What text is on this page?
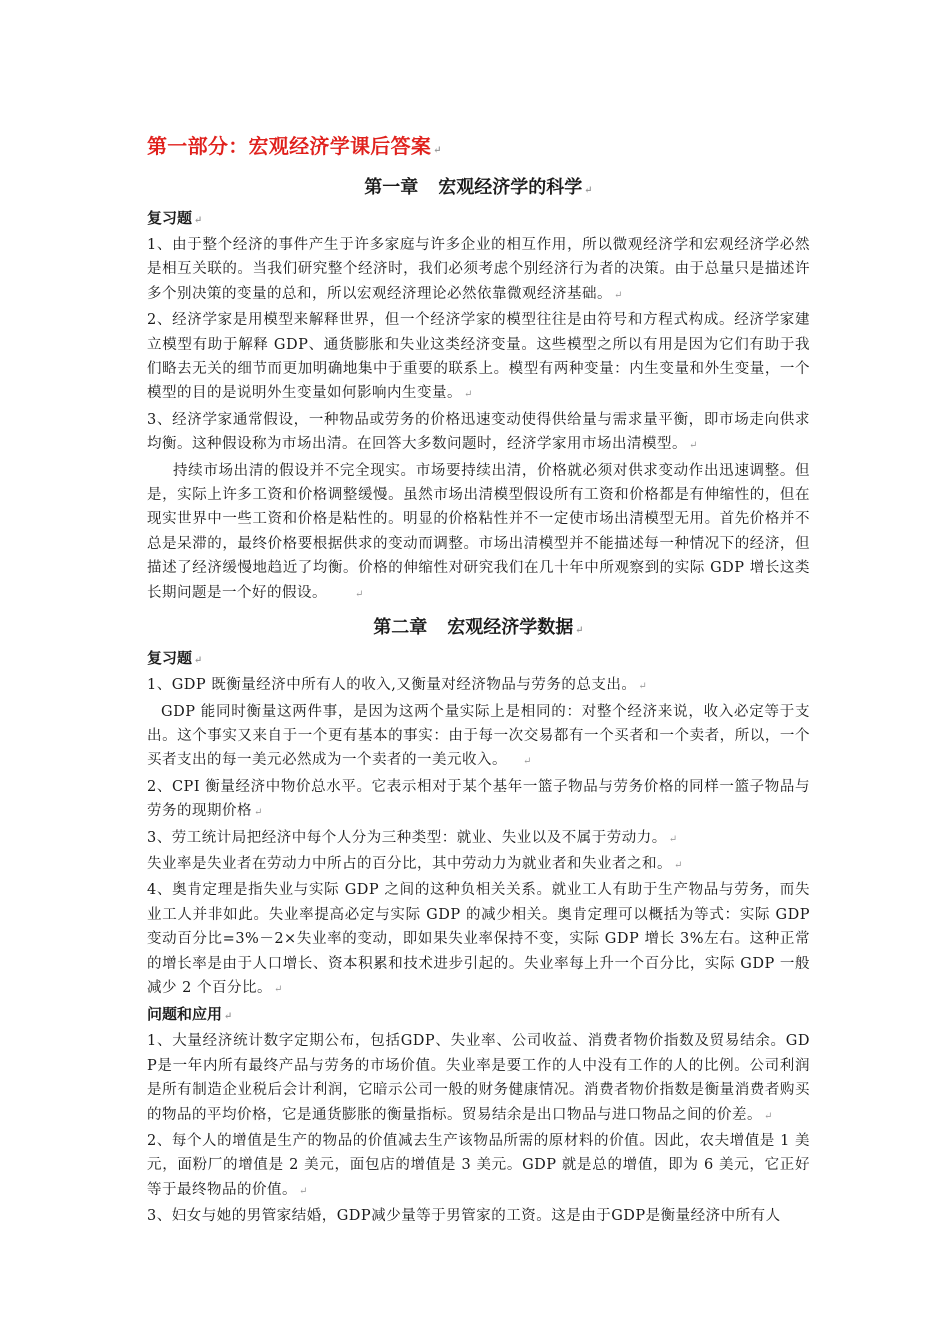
第一部分：宏观经济学课后答案 ↵
第一章 宏观经济学的科学 ↵
复习题 ↵

1、由于整个经济的事件产生于许多家庭与许多企业的相互作用，所以微观经济学和宏观经济学必然是相互关联的。当我们研究整个经济时，我们必须考虑个别经济行为者的决策。由于总量只是描述许多个别决策的变量的总和，所以宏观经济理论必然依靠微观经济基础。 ↵

2、经济学家是用模型来解释世界，但一个经济学家的模型往往是由符号和方程式构成。经济学家建立模型有助于解释 GDP、通货膨胀和失业这类经济变量。这些模型之所以有用是因为它们有助于我们略去无关的细节而更加明确地集中于重要的联系上。模型有两种变量：内生变量和外生变量，一个模型的目的是说明外生变量如何影响内生变量。 ↵

3、经济学家通常假设，一种物品或劳务的价格迅速变动使得供给量与需求量平衡，即市场走向供求均衡。这种假设称为市场出清。在回答大多数问题时，经济学家用市场出清模型。 ↵

持续市场出清的假设并不完全现实。市场要持续出清，价格就必须对供求变动作出迅速调整。但是，实际上许多工资和价格调整缓慢。虽然市场出清模型假设所有工资和价格都是有伸缩性的，但在现实世界中一些工资和价格是粘性的。明显的价格粘性并不一定使市场出清模型无用。首先价格并不总是呆滞的，最终价格要根据供求的变动而调整。市场出清模型并不能描述每一种情况下的经济，但描述了经济缓慢地趋近了均衡。价格的伸缩性对研究我们在几十年中所观察到的实际 GDP 增长这类长期问题是一个好的假设。	↵

第二章 宏观经济学数据 ↵
复习题 ↵

1、GDP 既衡量经济中所有人的收入,又衡量对经济物品与劳务的总支出。 ↵

GDP 能同时衡量这两件事，是因为这两个量实际上是相同的：对整个经济来说，收入必定等于支出。这个事实又来自于一个更有基本的事实：由于每一次交易都有一个买者和一个卖者，所以，一个买者支出的每一美元必然成为一个卖者的一美元收入。 ↵

2、CPI 衡量经济中物价总水平。它表示相对于某个基年一篮子物品与劳务价格的同样一篮子物品与劳务的现期价格 ↵

3、劳工统计局把经济中每个人分为三种类型：就业、失业以及不属于劳动力。 ↵

失业率是失业者在劳动力中所占的百分比，其中劳动力为就业者和失业者之和。 ↵

4、奥肯定理是指失业与实际 GDP 之间的这种负相关关系。就业工人有助于生产物品与劳务，而失业工人并非如此。失业率提高必定与实际 GDP 的减少相关。奥肯定理可以概括为等式：实际 GDP 变动百分比=3%－2×失业率的变动，即如果失业率保持不变，实际 GDP 增长 3%左右。这种正常的增长率是由于人口增长、资本积累和技术进步引起的。失业率每上升一个百分比，实际 GDP 一般减少 2 个百分比。 ↵

问题和应用 ↵

1、大量经济统计数字定期公布，包括GDP、失业率、公司收益、消费者物价指数及贸易结余。GDP是一年内所有最终产品与劳务的市场价值。失业率是要工作的人中没有工作的人的比例。公司利润是所有制造企业税后会计利润，它暗示公司一般的财务健康情况。消费者物价指数是衡量消费者购买的物品的平均价格，它是通货膨胀的衡量指标。贸易结余是出口物品与进口物品之间的价差。 ↵

2、每个人的增值是生产的物品的价值减去生产该物品所需的原材料的价值。因此，农夫增值是 1 美元，面粉厂的增值是 2 美元，面包店的增值是 3 美元。GDP 就是总的增值，即为 6 美元，它正好等于最终物品的价值。 ↵

3、妇女与她的男管家结婚，GDP减少量等于男管家的工资。这是由于GDP是衡量经济中所有人
